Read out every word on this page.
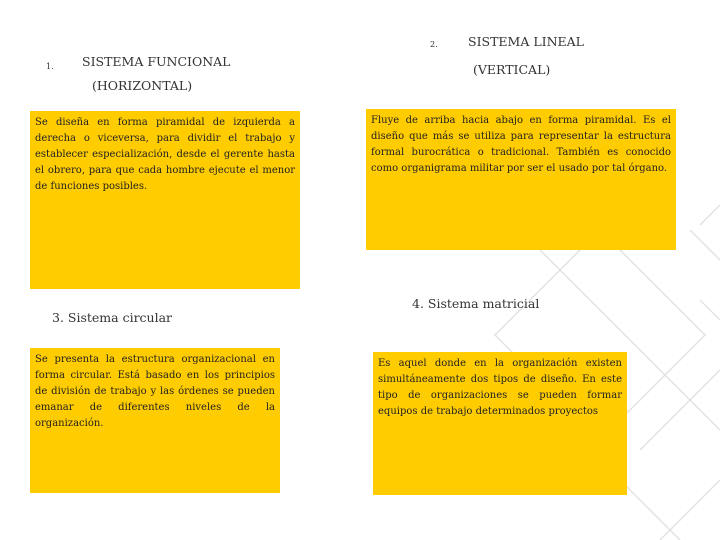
1. SISTEMA FUNCIONAL
(HORIZONTAL)
Se diseña en forma piramidal de izquierda a derecha o viceversa, para dividir el trabajo y establecer especialización, desde el gerente hasta el obrero, para que cada hombre ejecute el menor de funciones posibles.
2. SISTEMA LINEAL
(VERTICAL)
Fluye de arriba hacia abajo en forma piramidal. Es el diseño que más se utiliza para representar la estructura formal burocrática o tradicional. También es conocido como organigrama militar por ser el usado por tal órgano.
3. Sistema circular
Se presenta la estructura organizacional en forma circular. Está basado en los principios de división de trabajo y las órdenes se pueden emanar de diferentes niveles de la organización.
4. Sistema matricial
Es aquel donde en la organización existen simultáneamente dos tipos de diseño. En este tipo de organizaciones se pueden formar equipos de trabajo determinados proyectos
